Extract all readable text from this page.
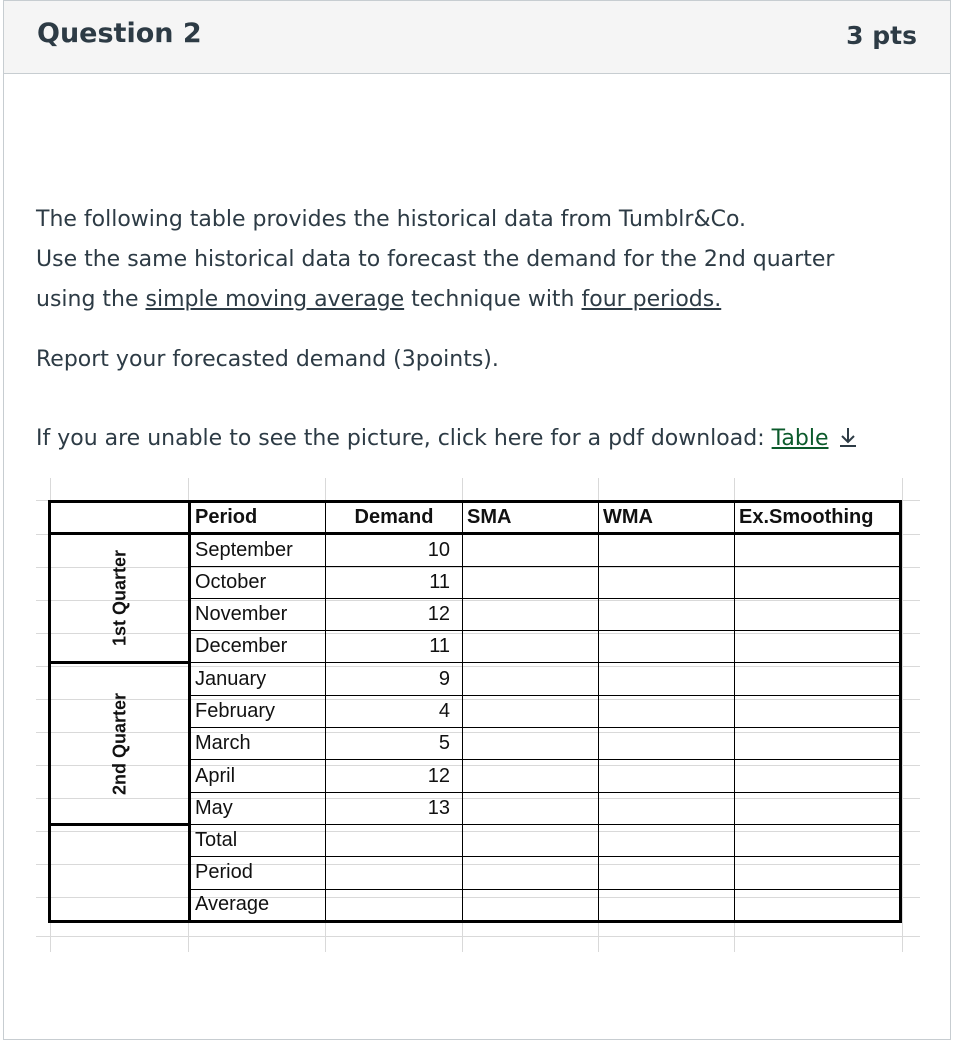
Question 2	3 pts
The following table provides the historical data from Tumblr&Co.
Use the same historical data to forecast the demand for the 2nd quarter
using the simple moving average technique with four periods.
Report your forecasted demand (3points).
If you are unable to see the picture, click here for a pdf download: Table
	Period	Demand	SMA	WMA	Ex.Smoothing

1st Quarter	September	10			
	October	11			
	November	12			
	December	11			

2nd Quarter	January	9			
	February	4			
	March	5			
	April	12			
	May	13			
	Total				
	Period				
	Average				
